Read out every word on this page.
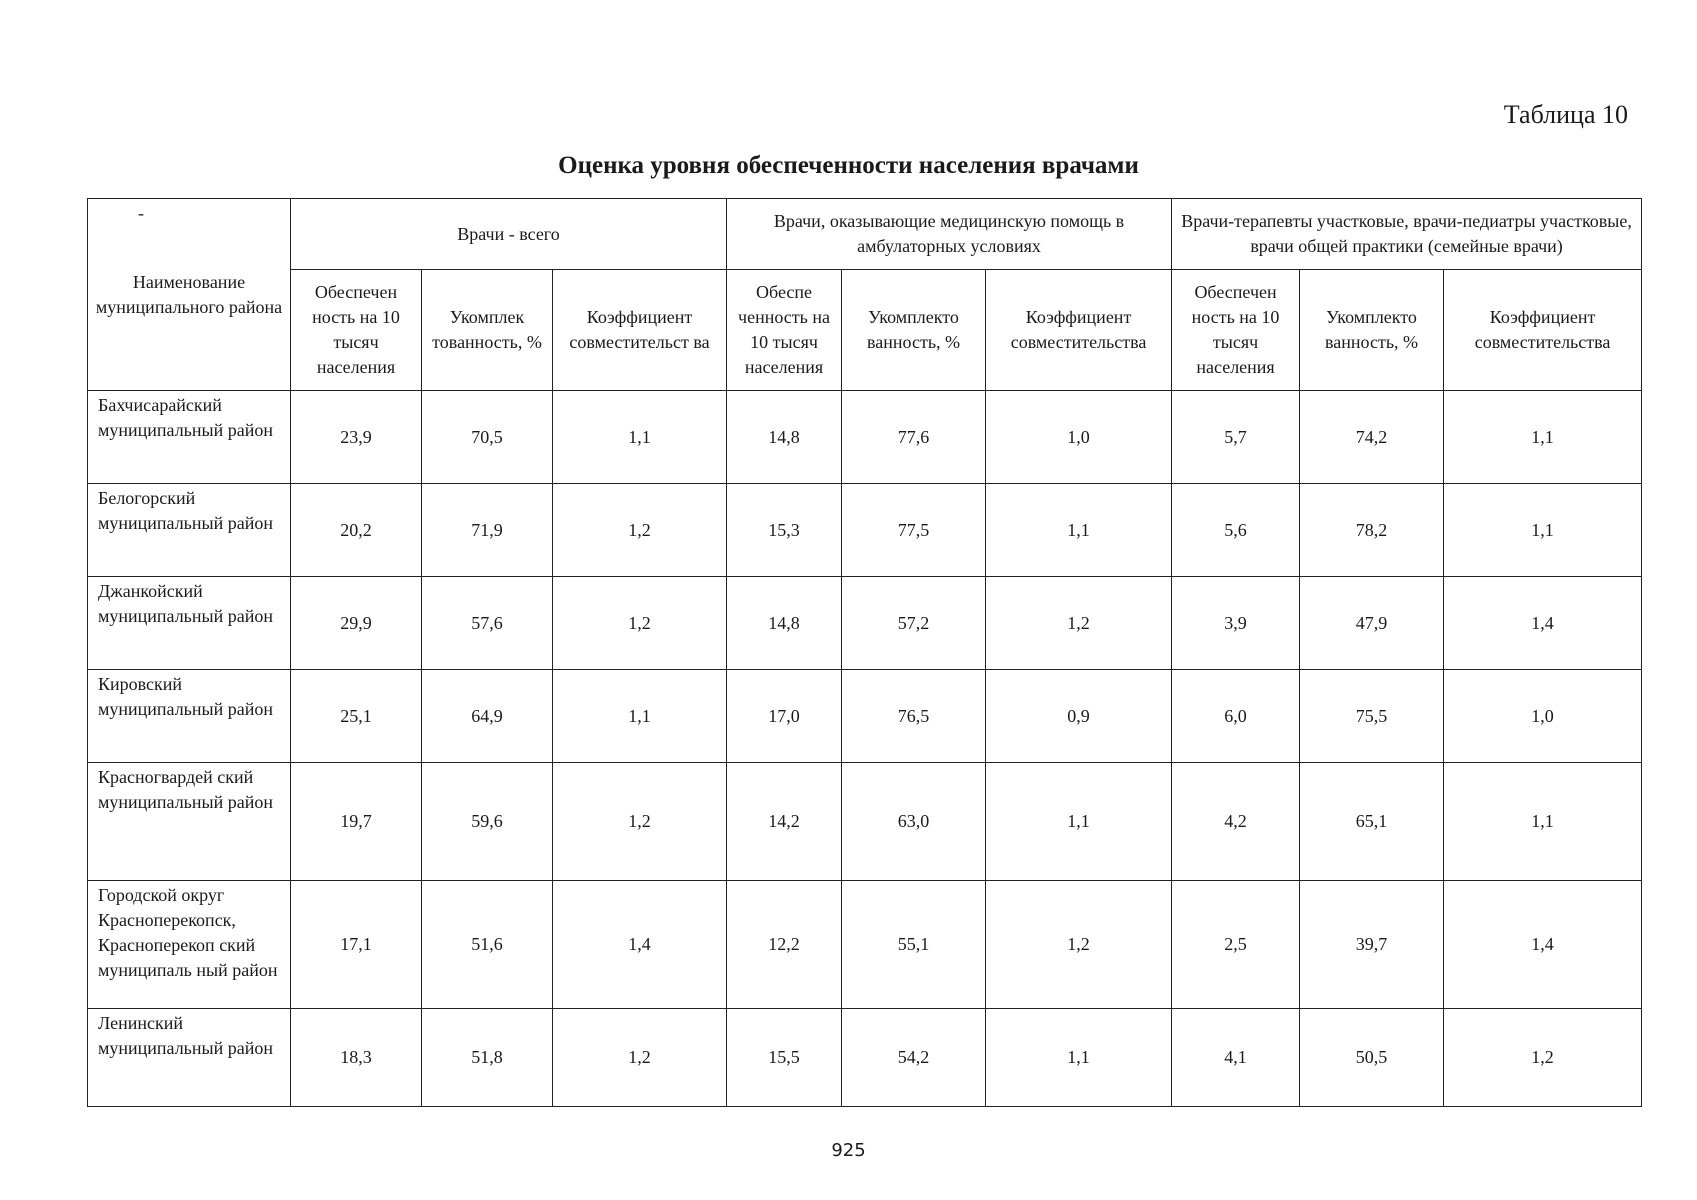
Таблица 10
Оценка уровня обеспеченности населения врачами
-
Наименование муниципального района	Врачи - всего			Врачи, оказывающие медицинскую помощь в амбулаторных условиях			Врачи-терапевты участковые, врачи-педиатры участковые, врачи общей практики (семейные врачи)		
	Обеспечен ность на 10 тысяч населения	Укомплек тованность, %	Коэффициент совместительст ва	Обеспе ченность на 10 тысяч населения	Укомплекто ванность, %	Коэффициент совместительства	Обеспечен ность на 10 тысяч населения	Укомплекто ванность, %	Коэффициент совместительства
Бахчисарайский муниципальный район	23,9	70,5	1,1	14,8	77,6	1,0	5,7	74,2	1,1
Белогорский муниципальный район	20,2	71,9	1,2	15,3	77,5	1,1	5,6	78,2	1,1
Джанкойский муниципальный район	29,9	57,6	1,2	14,8	57,2	1,2	3,9	47,9	1,4
Кировский муниципальный район	25,1	64,9	1,1	17,0	76,5	0,9	6,0	75,5	1,0
Красногвардей ский муниципальный район	19,7	59,6	1,2	14,2	63,0	1,1	4,2	65,1	1,1
Городской округ Красноперекопск, Красноперекоп ский муниципаль ный район	17,1	51,6	1,4	12,2	55,1	1,2	2,5	39,7	1,4
Ленинский муниципальный район	18,3	51,8	1,2	15,5	54,2	1,1	4,1	50,5	1,2
925
